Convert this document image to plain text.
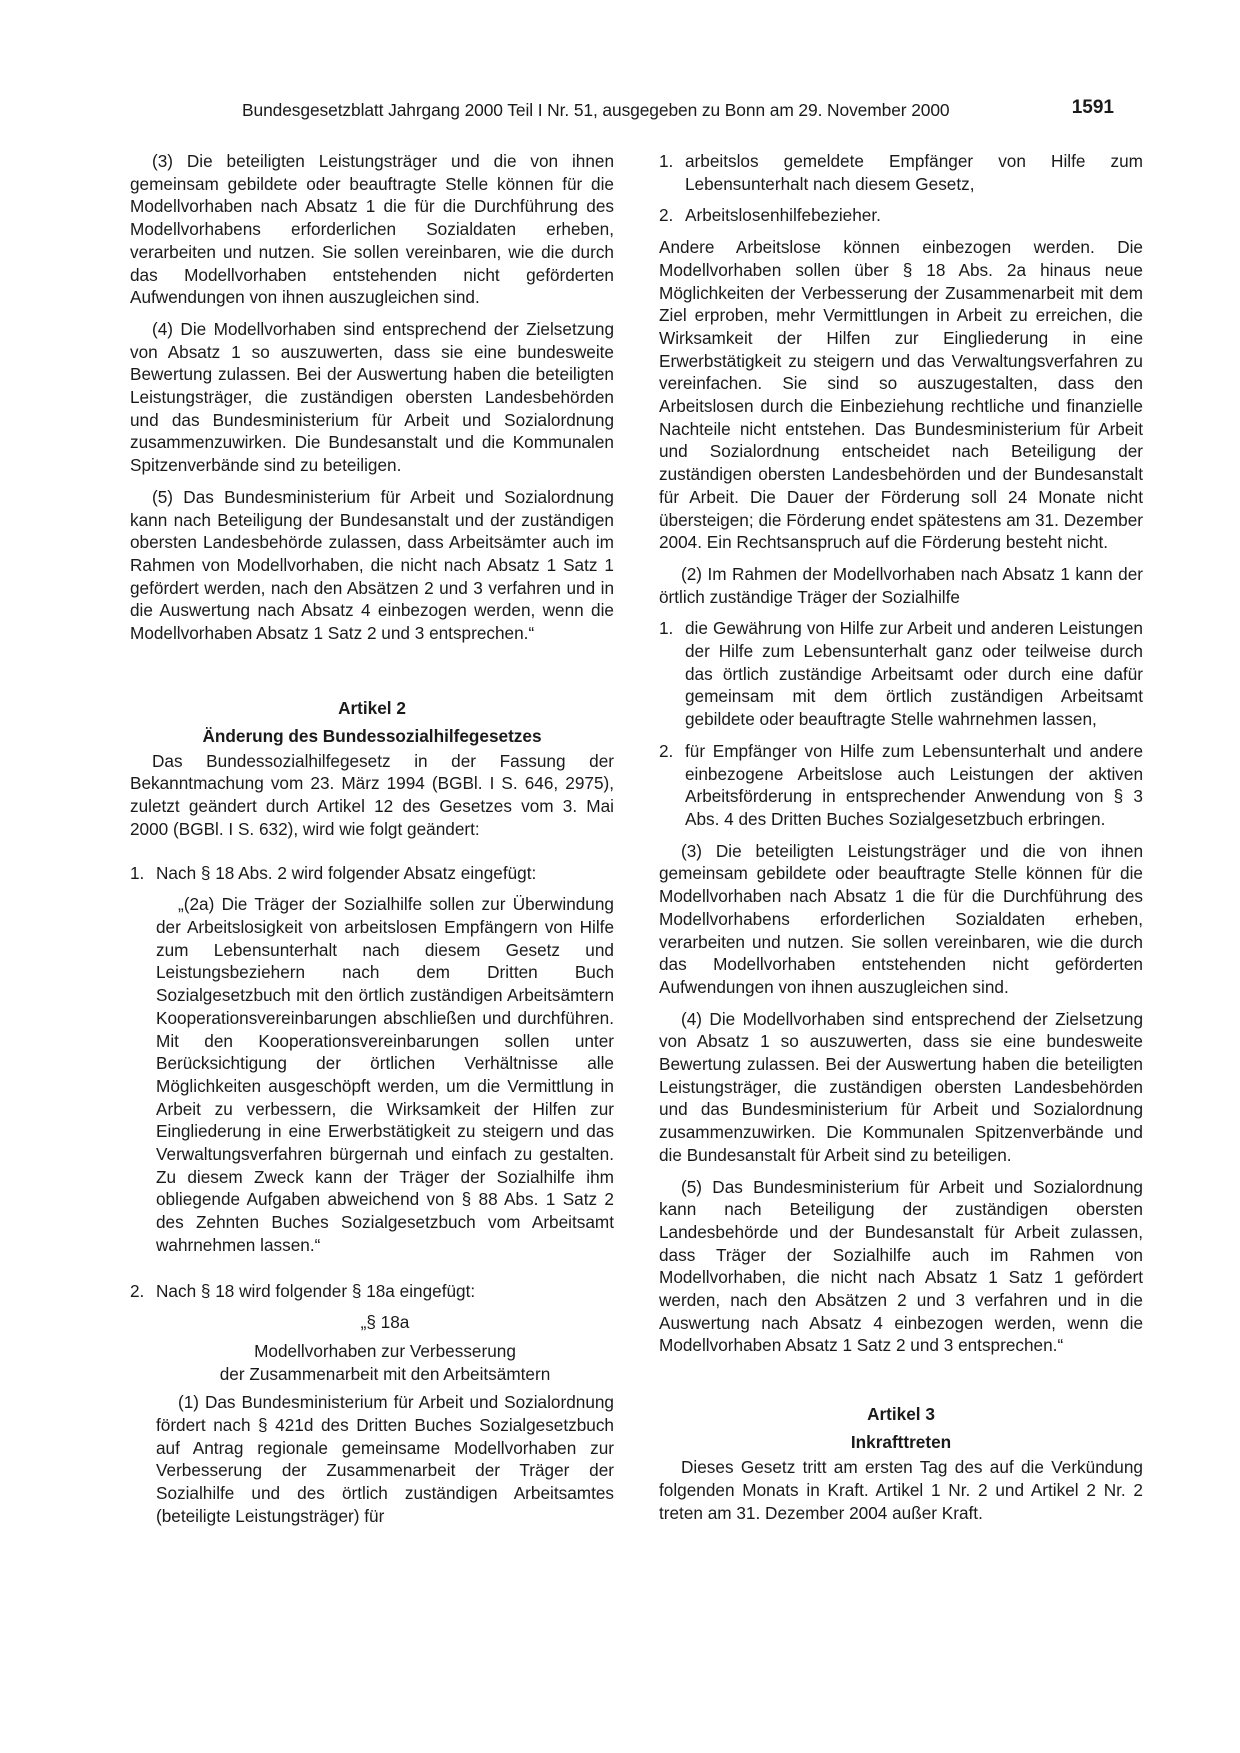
Bundesgesetzblatt Jahrgang 2000 Teil I Nr. 51, ausgegeben zu Bonn am 29. November 2000	1591

(3) Die beteiligten Leistungsträger und die von ihnen gemeinsam gebildete oder beauftragte Stelle können für die Modellvorhaben nach Absatz 1 die für die Durchführung des Modellvorhabens erforderlichen Sozialdaten erheben, verarbeiten und nutzen. Sie sollen vereinbaren, wie die durch das Modellvorhaben entstehenden nicht geförderten Aufwendungen von ihnen auszugleichen sind.

(4) Die Modellvorhaben sind entsprechend der Zielsetzung von Absatz 1 so auszuwerten, dass sie eine bundesweite Bewertung zulassen. Bei der Auswertung haben die beteiligten Leistungsträger, die zuständigen obersten Landesbehörden und das Bundesministerium für Arbeit und Sozialordnung zusammenzuwirken. Die Bundesanstalt und die Kommunalen Spitzenverbände sind zu beteiligen.

(5) Das Bundesministerium für Arbeit und Sozialordnung kann nach Beteiligung der Bundesanstalt und der zuständigen obersten Landesbehörde zulassen, dass Arbeitsämter auch im Rahmen von Modellvorhaben, die nicht nach Absatz 1 Satz 1 gefördert werden, nach den Absätzen 2 und 3 verfahren und in die Auswertung nach Absatz 4 einbezogen werden, wenn die Modellvorhaben Absatz 1 Satz 2 und 3 entsprechen.“

Artikel 2
Änderung des Bundessozialhilfegesetzes

Das Bundessozialhilfegesetz in der Fassung der Bekanntmachung vom 23. März 1994 (BGBl. I S. 646, 2975), zuletzt geändert durch Artikel 12 des Gesetzes vom 3. Mai 2000 (BGBl. I S. 632), wird wie folgt geändert:

1. Nach § 18 Abs. 2 wird folgender Absatz eingefügt:

„(2a) Die Träger der Sozialhilfe sollen zur Überwindung der Arbeitslosigkeit von arbeitslosen Empfängern von Hilfe zum Lebensunterhalt nach diesem Gesetz und Leistungsbeziehern nach dem Dritten Buch Sozialgesetzbuch mit den örtlich zuständigen Arbeitsämtern Kooperationsvereinbarungen abschließen und durchführen. Mit den Kooperationsvereinbarungen sollen unter Berücksichtigung der örtlichen Verhältnisse alle Möglichkeiten ausgeschöpft werden, um die Vermittlung in Arbeit zu verbessern, die Wirksamkeit der Hilfen zur Eingliederung in eine Erwerbstätigkeit zu steigern und das Verwaltungsverfahren bürgernah und einfach zu gestalten. Zu diesem Zweck kann der Träger der Sozialhilfe ihm obliegende Aufgaben abweichend von § 88 Abs. 1 Satz 2 des Zehnten Buches Sozialgesetzbuch vom Arbeitsamt wahrnehmen lassen.“

2. Nach § 18 wird folgender § 18a eingefügt:
„§ 18a
Modellvorhaben zur Verbesserung
der Zusammenarbeit mit den Arbeitsämtern

(1) Das Bundesministerium für Arbeit und Sozialordnung fördert nach § 421d des Dritten Buches Sozialgesetzbuch auf Antrag regionale gemeinsame Modellvorhaben zur Verbesserung der Zusammenarbeit der Träger der Sozialhilfe und des örtlich zuständigen Arbeitsamtes (beteiligte Leistungsträger) für

1. arbeitslos gemeldete Empfänger von Hilfe zum Lebensunterhalt nach diesem Gesetz,
2. Arbeitslosenhilfebezieher.

Andere Arbeitslose können einbezogen werden. Die Modellvorhaben sollen über § 18 Abs. 2a hinaus neue Möglichkeiten der Verbesserung der Zusammenarbeit mit dem Ziel erproben, mehr Vermittlungen in Arbeit zu erreichen, die Wirksamkeit der Hilfen zur Eingliederung in eine Erwerbstätigkeit zu steigern und das Verwaltungsverfahren zu vereinfachen. Sie sind so auszugestalten, dass den Arbeitslosen durch die Einbeziehung rechtliche und finanzielle Nachteile nicht entstehen. Das Bundesministerium für Arbeit und Sozialordnung entscheidet nach Beteiligung der zuständigen obersten Landesbehörden und der Bundesanstalt für Arbeit. Die Dauer der Förderung soll 24 Monate nicht übersteigen; die Förderung endet spätestens am 31. Dezember 2004. Ein Rechtsanspruch auf die Förderung besteht nicht.

(2) Im Rahmen der Modellvorhaben nach Absatz 1 kann der örtlich zuständige Träger der Sozialhilfe

1. die Gewährung von Hilfe zur Arbeit und anderen Leistungen der Hilfe zum Lebensunterhalt ganz oder teilweise durch das örtlich zuständige Arbeitsamt oder durch eine dafür gemeinsam mit dem örtlich zuständigen Arbeitsamt gebildete oder beauftragte Stelle wahrnehmen lassen,
2. für Empfänger von Hilfe zum Lebensunterhalt und andere einbezogene Arbeitslose auch Leistungen der aktiven Arbeitsförderung in entsprechender Anwendung von § 3 Abs. 4 des Dritten Buches Sozialgesetzbuch erbringen.

(3) Die beteiligten Leistungsträger und die von ihnen gemeinsam gebildete oder beauftragte Stelle können für die Modellvorhaben nach Absatz 1 die für die Durchführung des Modellvorhabens erforderlichen Sozialdaten erheben, verarbeiten und nutzen. Sie sollen vereinbaren, wie die durch das Modellvorhaben entstehenden nicht geförderten Aufwendungen von ihnen auszugleichen sind.

(4) Die Modellvorhaben sind entsprechend der Zielsetzung von Absatz 1 so auszuwerten, dass sie eine bundesweite Bewertung zulassen. Bei der Auswertung haben die beteiligten Leistungsträger, die zuständigen obersten Landesbehörden und das Bundesministerium für Arbeit und Sozialordnung zusammenzuwirken. Die Kommunalen Spitzenverbände und die Bundesanstalt für Arbeit sind zu beteiligen.

(5) Das Bundesministerium für Arbeit und Sozialordnung kann nach Beteiligung der zuständigen obersten Landesbehörde und der Bundesanstalt für Arbeit zulassen, dass Träger der Sozialhilfe auch im Rahmen von Modellvorhaben, die nicht nach Absatz 1 Satz 1 gefördert werden, nach den Absätzen 2 und 3 verfahren und in die Auswertung nach Absatz 4 einbezogen werden, wenn die Modellvorhaben Absatz 1 Satz 2 und 3 entsprechen.“

Artikel 3
Inkrafttreten

Dieses Gesetz tritt am ersten Tag des auf die Verkündung folgenden Monats in Kraft. Artikel 1 Nr. 2 und Artikel 2 Nr. 2 treten am 31. Dezember 2004 außer Kraft.
